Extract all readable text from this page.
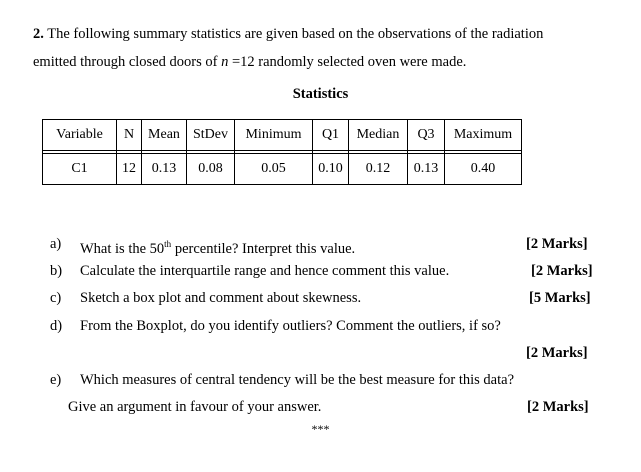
2. The following summary statistics are given based on the observations of the radiation
emitted through closed doors of n =12 randomly selected oven were made.
Statistics
Variable	N	Mean	StDev	Minimum	Q1	Median	Q3	Maximum

C1	12	0.13	0.08	0.05	0.10	0.12	0.13	0.40
a) What is the 50th percentile? Interpret this value.	[2 Marks]
b) Calculate the interquartile range and hence comment this value.	[2 Marks]
c) Sketch a box plot and comment about skewness.	[5 Marks]
d) From the Boxplot, do you identify outliers? Comment the outliers, if so?
[2 Marks]
e) Which measures of central tendency will be the best measure for this data?
Give an argument in favour of your answer.	[2 Marks]
***
